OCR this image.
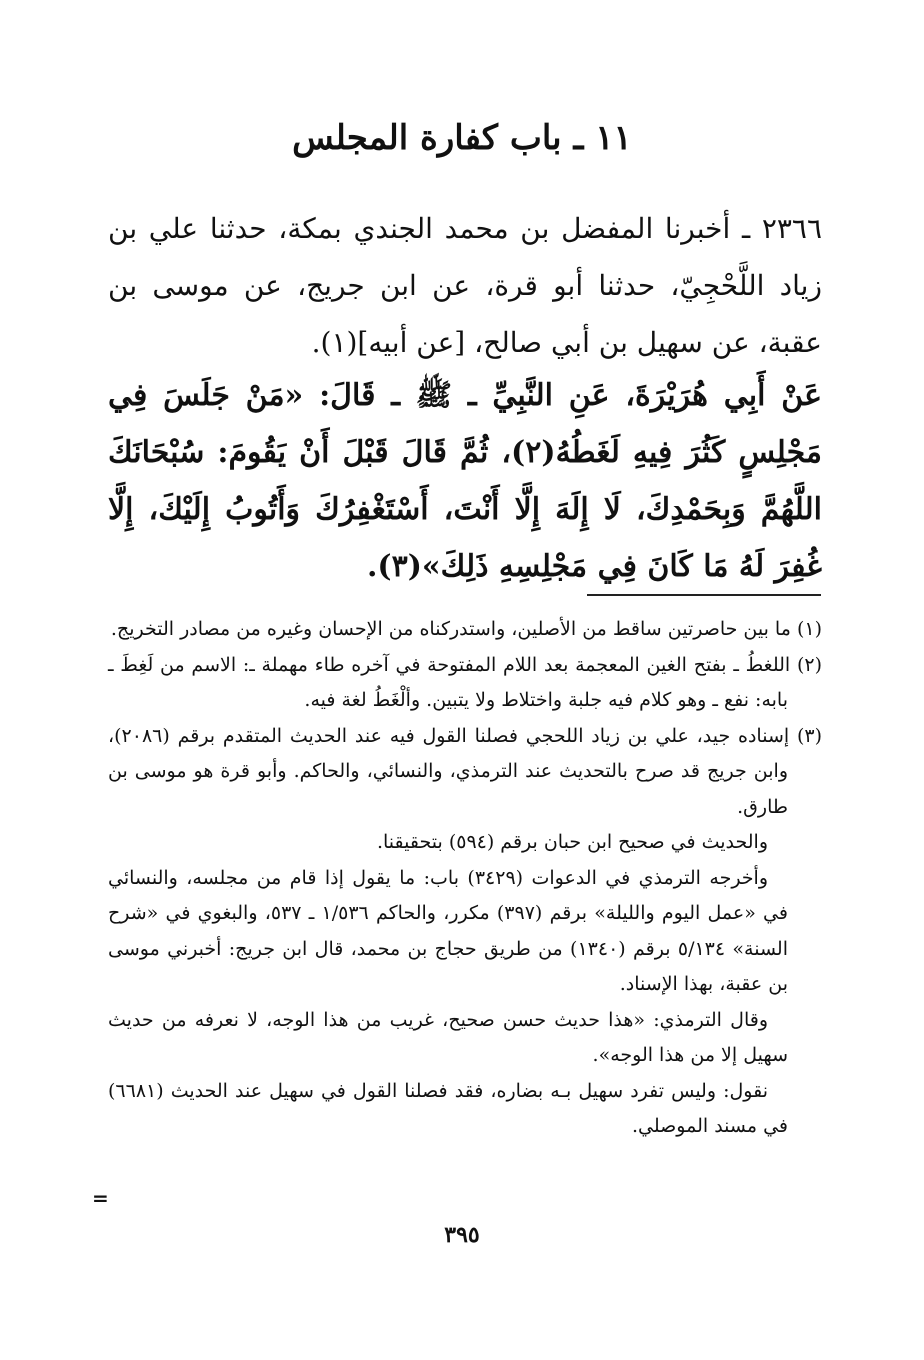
١١ ـ باب كفارة المجلس

٢٣٦٦ ـ أخبرنا المفضل بن محمد الجندي بمكة، حدثنا علي بن زياد اللَّحْجِيّ، حدثنا أبو قرة، عن ابن جريج، عن موسى بن عقبة، عن سهيل بن أبي صالح، [عن أبيه](١).

عَنْ أَبِي هُرَيْرَةَ، عَنِ النَّبِيِّ ـ ﷺ ـ قَالَ: «مَنْ جَلَسَ فِي مَجْلِسٍ كَثُرَ فِيهِ لَغَطُهُ(٢)، ثُمَّ قَالَ قَبْلَ أَنْ يَقُومَ: سُبْحَانَكَ اللَّهُمَّ وَبِحَمْدِكَ، لَا إِلَهَ إِلَّا أَنْتَ، أَسْتَغْفِرُكَ وَأَتُوبُ إِلَيْكَ، إِلَّا غُفِرَ لَهُ مَا كَانَ فِي مَجْلِسِهِ ذَلِكَ»(٣).

(١) ما بين حاصرتين ساقط من الأصلين، واستدركناه من الإحسان وغيره من مصادر التخريج.

(٢) اللغطُ ـ بفتح الغين المعجمة بعد اللام المفتوحة في آخره طاء مهملة ـ: الاسم من لَغِطَ ـ بابه: نفع ـ وهو كلام فيه جلبة واختلاط ولا يتبين. وألْغَطُ لغة فيه.

(٣) إسناده جيد، علي بن زياد اللحجي فصلنا القول فيه عند الحديث المتقدم برقم (٢٠٨٦)، وابن جريج قد صرح بالتحديث عند الترمذي، والنسائي، والحاكم. وأبو قرة هو موسى بن طارق.

والحديث في صحيح ابن حبان برقم (٥٩٤) بتحقيقنا.

وأخرجه الترمذي في الدعوات (٣٤٢٩) باب: ما يقول إذا قام من مجلسه، والنسائي في «عمل اليوم والليلة» برقم (٣٩٧) مكرر، والحاكم ١/٥٣٦ ـ ٥٣٧، والبغوي في «شرح السنة» ٥/١٣٤ برقم (١٣٤٠) من طريق حجاج بن محمد، قال ابن جريج: أخبرني موسى بن عقبة، بهذا الإسناد.

وقال الترمذي: «هذا حديث حسن صحيح، غريب من هذا الوجه، لا نعرفه من حديث سهيل إلا من هذا الوجه».

نقول: وليس تفرد سهيل بـه بضاره، فقد فصلنا القول في سهيل عند الحديث (٦٦٨١) في مسند الموصلي.

=
٣٩٥
